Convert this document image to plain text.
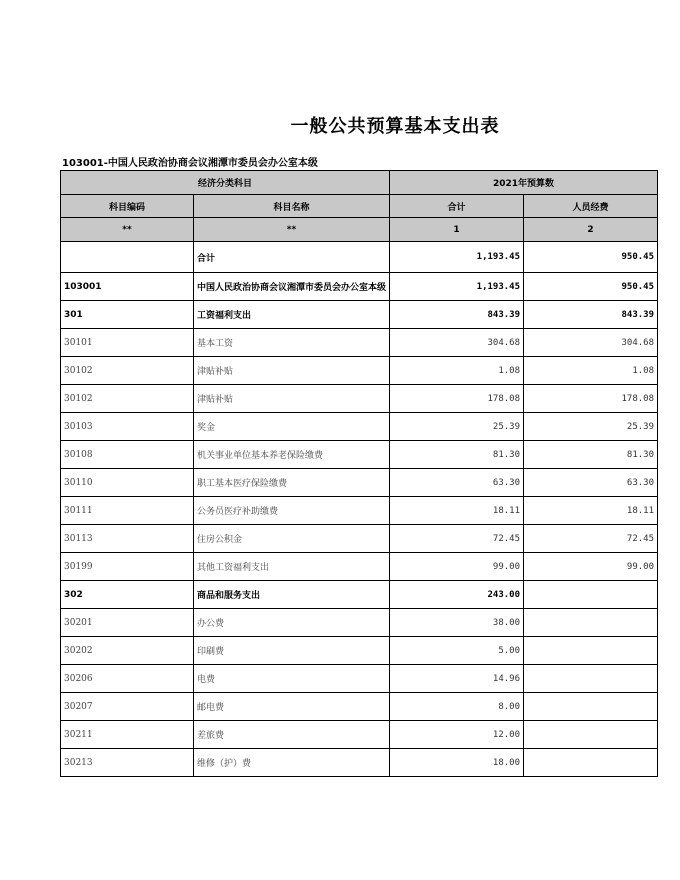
一般公共预算基本支出表
103001-中国人民政治协商会议湘潭市委员会办公室本级
经济分类科目		2021年预算数	
科目编码	科目名称	合计	人员经费
**	**	1	2
	合计	1,193.45	950.45
103001	中国人民政治协商会议湘潭市委员会办公室本级	1,193.45	950.45
301	工资福利支出	843.39	843.39
30101	基本工资	304.68	304.68
30102	津贴补贴	1.08	1.08
30102	津贴补贴	178.08	178.08
30103	奖金	25.39	25.39
30108	机关事业单位基本养老保险缴费	81.30	81.30
30110	职工基本医疗保险缴费	63.30	63.30
30111	公务员医疗补助缴费	18.11	18.11
30113	住房公积金	72.45	72.45
30199	其他工资福利支出	99.00	99.00
302	商品和服务支出	243.00	
30201	办公费	38.00	
30202	印刷费	5.00	
30206	电费	14.96	
30207	邮电费	8.00	
30211	差旅费	12.00	
30213	维修（护）费	18.00	
